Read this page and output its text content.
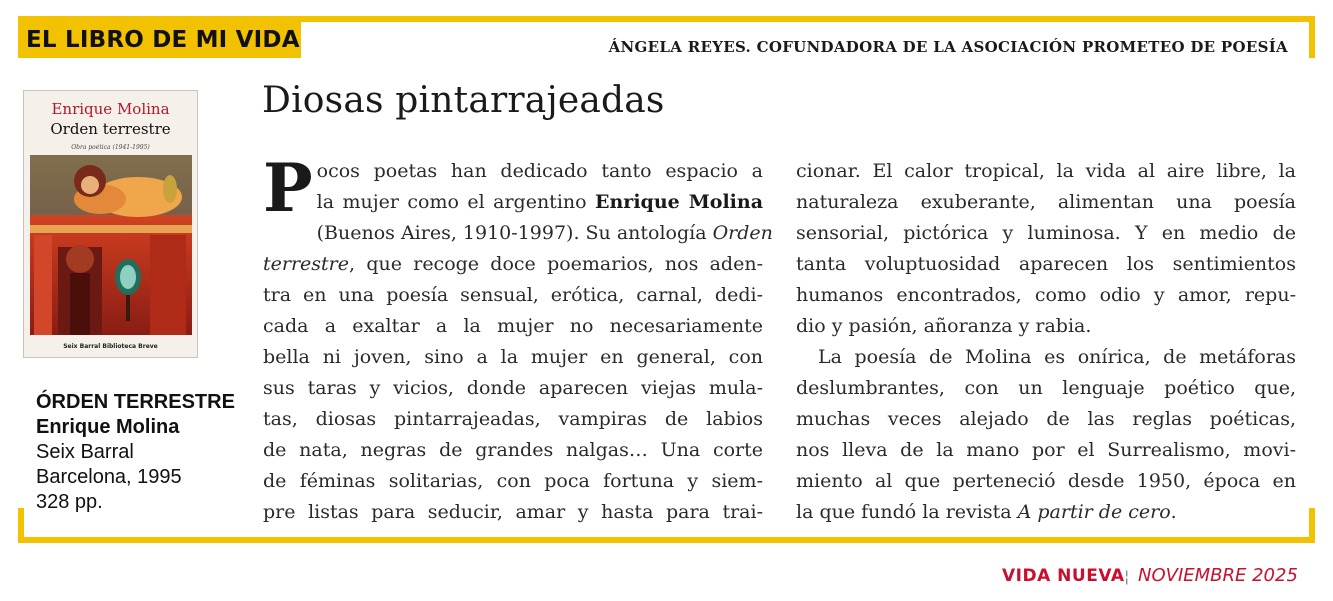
EL LIBRO DE MI VIDA	ÁNGELA REYES. COFUNDADORA DE LA ASOCIACIÓN PROMETEO DE POESÍA
Diosas pintarrajeadas
Enrique Molina
Orden terrestre
Obra poética (1941-1995)
Seix Barral Biblioteca Breve
ÓRDEN TERRESTRE
Enrique Molina
Seix Barral
Barcelona, 1995
328 pp.
P ocos poetas han dedicado tanto espacio a
la mujer como el argentino Enrique Molina
(Buenos Aires, 1910-1997). Su antología Orden
terrestre, que recoge doce poemarios, nos aden-
tra en una poesía sensual, erótica, carnal, dedi-
cada a exaltar a la mujer no necesariamente
bella ni joven, sino a la mujer en general, con
sus taras y vicios, donde aparecen viejas mula-
tas, diosas pintarrajeadas, vampiras de labios
de nata, negras de grandes nalgas… Una corte
de féminas solitarias, con poca fortuna y siem-
pre listas para seducir, amar y hasta para trai-
cionar. El calor tropical, la vida al aire libre, la
naturaleza exuberante, alimentan una poesía
sensorial, pictórica y luminosa. Y en medio de
tanta voluptuosidad aparecen los sentimientos
humanos encontrados, como odio y amor, repu-
dio y pasión, añoranza y rabia.
La poesía de Molina es onírica, de metáforas
deslumbrantes, con un lenguaje poético que,
muchas veces alejado de las reglas poéticas,
nos lleva de la mano por el Surrealismo, movi-
miento al que perteneció desde 1950, época en
la que fundó la revista A partir de cero.
VIDA NUEVA ¦ NOVIEMBRE 2025
